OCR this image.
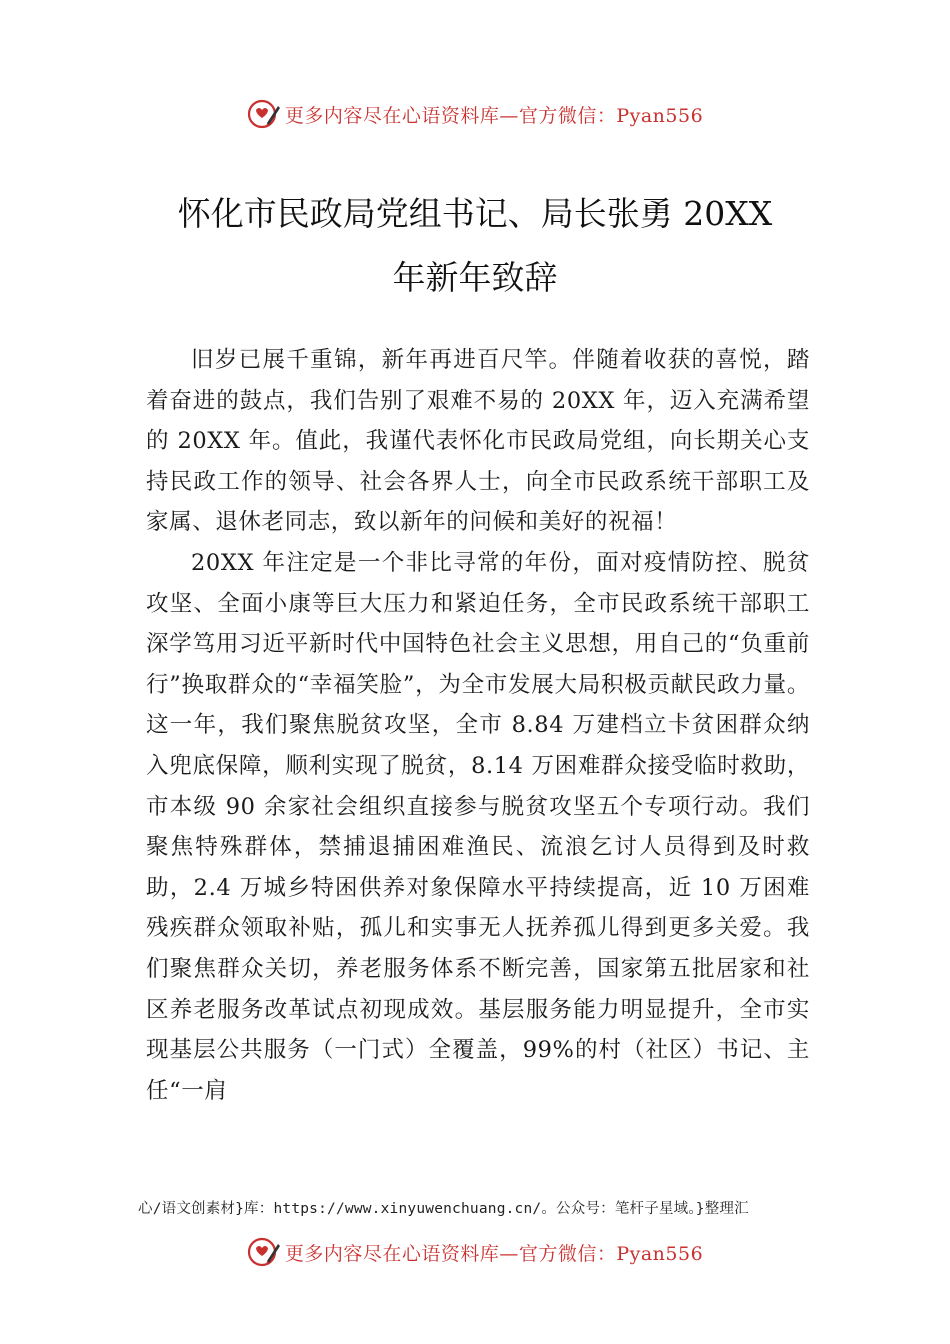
更多内容尽在心语资料库—官方微信：Pyan556
怀化市民政局党组书记、局长张勇 20XX
年新年致辞

旧岁已展千重锦，新年再进百尺竿。伴随着收获的喜悦，踏着奋进的鼓点，我们告别了艰难不易的 20XX 年，迈入充满希望的 20XX 年。值此，我谨代表怀化市民政局党组，向长期关心支持民政工作的领导、社会各界人士，向全市民政系统干部职工及家属、退休老同志，致以新年的问候和美好的祝福！

20XX 年注定是一个非比寻常的年份，面对疫情防控、脱贫攻坚、全面小康等巨大压力和紧迫任务，全市民政系统干部职工深学笃用习近平新时代中国特色社会主义思想，用自己的“负重前行”换取群众的“幸福笑脸”，为全市发展大局积极贡献民政力量。这一年，我们聚焦脱贫攻坚，全市 8.84 万建档立卡贫困群众纳入兜底保障，顺利实现了脱贫，8.14 万困难群众接受临时救助，市本级 90 余家社会组织直接参与脱贫攻坚五个专项行动。我们聚焦特殊群体，禁捕退捕困难渔民、流浪乞讨人员得到及时救助，2.4 万城乡特困供养对象保障水平持续提高，近 10 万困难残疾群众领取补贴，孤儿和实事无人抚养孤儿得到更多关爱。我们聚焦群众关切，养老服务体系不断完善，国家第五批居家和社区养老服务改革试点初现成效。基层服务能力明显提升，全市实现基层公共服务（一门式）全覆盖，99%的村（社区）书记、主任“一肩

心/语文创素材}库：https://www.xinyuwenchuang.cn/。公众号：笔杆子星域。}整理汇
更多内容尽在心语资料库—官方微信：Pyan556
